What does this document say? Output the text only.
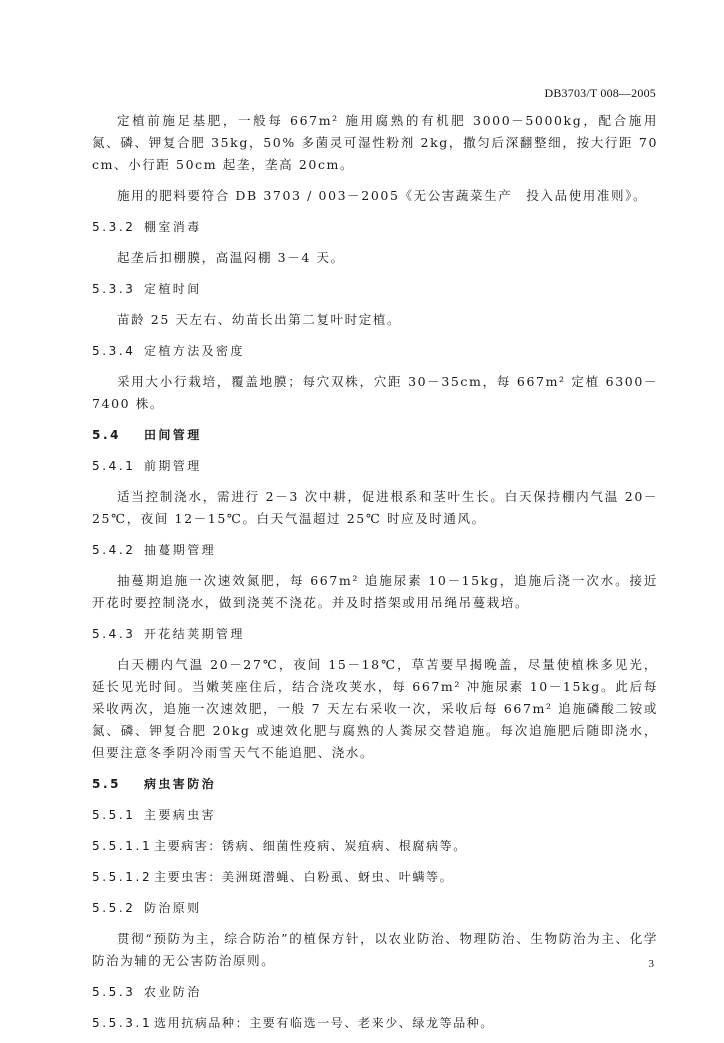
DB3703/T 008—2005

定植前施足基肥，一般每 667m² 施用腐熟的有机肥 3000－5000kg，配合施用氮、磷、钾复合肥 35kg，50% 多菌灵可湿性粉剂 2kg，撒匀后深翻整细，按大行距 70cm、小行距 50cm 起垄，垄高 20cm。

施用的肥料要符合 DB 3703 / 003－2005《无公害蔬菜生产　投入品使用准则》。

5.3.2 棚室消毒

起垄后扣棚膜，高温闷棚 3－4 天。

5.3.3 定植时间

苗龄 25 天左右、幼苗长出第二复叶时定植。

5.3.4 定植方法及密度

采用大小行栽培，覆盖地膜；每穴双株，穴距 30－35cm，每 667m² 定植 6300－7400 株。

5.4 田间管理
5.4.1 前期管理

适当控制浇水，需进行 2－3 次中耕，促进根系和茎叶生长。白天保持棚内气温 20－25℃，夜间 12－15℃。白天气温超过 25℃ 时应及时通风。

5.4.2 抽蔓期管理

抽蔓期追施一次速效氮肥，每 667m² 追施尿素 10－15kg，追施后浇一次水。接近开花时要控制浇水，做到浇荚不浇花。并及时搭架或用吊绳吊蔓栽培。

5.4.3 开花结荚期管理

白天棚内气温 20－27℃，夜间 15－18℃，草苫要早揭晚盖，尽量使植株多见光，延长见光时间。当嫩荚座住后，结合浇攻荚水，每 667m² 冲施尿素 10－15kg。此后每采收两次，追施一次速效肥，一般 7 天左右采收一次，采收后每 667m² 追施磷酸二铵或氮、磷、钾复合肥 20kg 或速效化肥与腐熟的人粪尿交替追施。每次追施肥后随即浇水，但要注意冬季阴冷雨雪天气不能追肥、浇水。

5.5 病虫害防治
5.5.1 主要病虫害
5.5.1.1 主要病害：锈病、细菌性疫病、炭疽病、根腐病等。
5.5.1.2 主要虫害：美洲斑潜蝇、白粉虱、蚜虫、叶螨等。
5.5.2 防治原则

贯彻“预防为主，综合防治”的植保方针，以农业防治、物理防治、生物防治为主、化学防治为辅的无公害防治原则。

5.5.3 农业防治
5.5.3.1 选用抗病品种：主要有临选一号、老来少、绿龙等品种。
3
